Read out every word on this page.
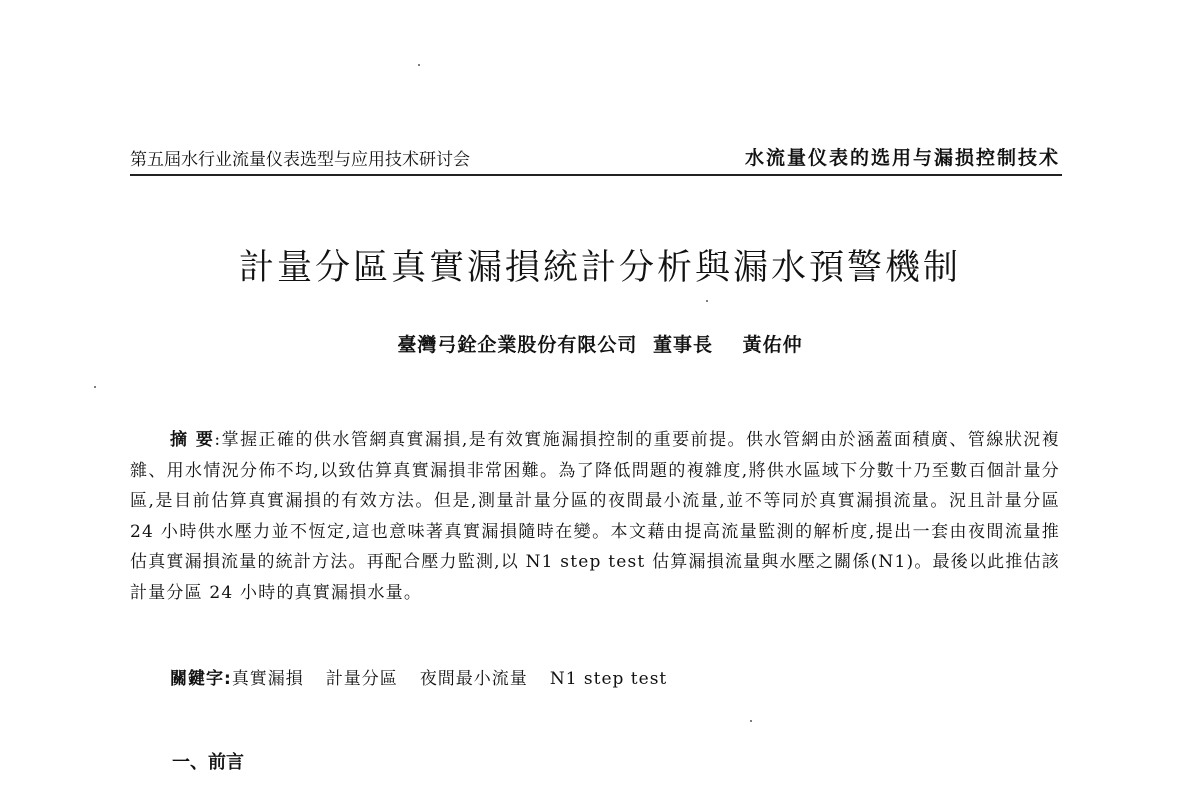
第五屆水行业流量仪表选型与应用技术研讨会	水流量仪表的选用与漏损控制技术
計量分區真實漏損統計分析與漏水預警機制
臺灣弓銓企業股份有限公司 董事長 黃佑仲
摘 要:掌握正確的供水管網真實漏損,是有效實施漏損控制的重要前提。供水管網由於涵蓋面積廣、管線狀況複雜、用水情況分佈不均,以致估算真實漏損非常困難。為了降低問題的複雜度,將供水區域下分數十乃至數百個計量分區,是目前估算真實漏損的有效方法。但是,測量計量分區的夜間最小流量,並不等同於真實漏損流量。況且計量分區 24 小時供水壓力並不恆定,這也意味著真實漏損隨時在變。本文藉由提高流量監測的解析度,提出一套由夜間流量推估真實漏損流量的統計方法。再配合壓力監測,以 N1 step test 估算漏損流量與水壓之關係(N1)。最後以此推估該計量分區 24 小時的真實漏損水量。
關鍵字:真實漏損 計量分區 夜間最小流量 N1 step test
一、前言
